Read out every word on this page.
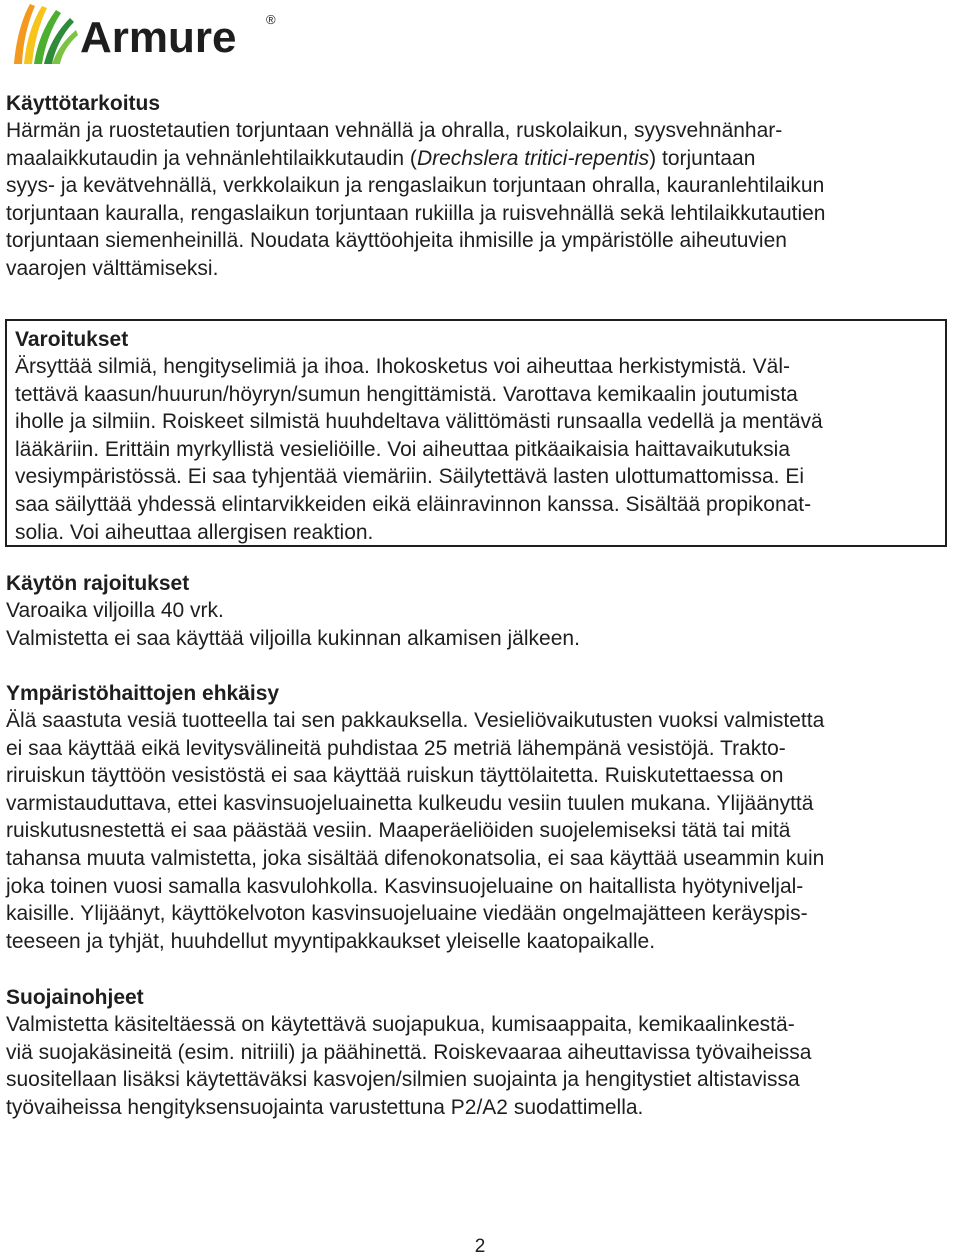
Armure ®

Käyttötarkoitus

Härmän ja ruostetautien torjuntaan vehnällä ja ohralla, ruskolaikun, syysvehnänhar-
maalaikkutaudin ja vehnänlehtilaikkutaudin (Drechslera tritici-repentis) torjuntaan
syys- ja kevätvehnällä, verkkolaikun ja rengaslaikun torjuntaan ohralla, kauranlehtilaikun
torjuntaan kauralla, rengaslaikun torjuntaan rukiilla ja ruisvehnällä sekä lehtilaikkutautien
torjuntaan siemenheinillä. Noudata käyttöohjeita ihmisille ja ympäristölle aiheutuvien
vaarojen välttämiseksi.

Varoitukset

Ärsyttää silmiä, hengityselimiä ja ihoa. Ihokosketus voi aiheuttaa herkistymistä. Väl-
tettävä kaasun/huurun/höyryn/sumun hengittämistä. Varottava kemikaalin joutumista
iholle ja silmiin. Roiskeet silmistä huuhdeltava välittömästi runsaalla vedellä ja mentävä
lääkäriin. Erittäin myrkyllistä vesieliöille. Voi aiheuttaa pitkäaikaisia haittavaikutuksia
vesiympäristössä. Ei saa tyhjentää viemäriin. Säilytettävä lasten ulottumattomissa. Ei
saa säilyttää yhdessä elintarvikkeiden eikä eläinravinnon kanssa. Sisältää propikonat-
solia. Voi aiheuttaa allergisen reaktion.

Käytön rajoitukset

Varoaika viljoilla 40 vrk.
Valmistetta ei saa käyttää viljoilla kukinnan alkamisen jälkeen.

Ympäristöhaittojen ehkäisy

Älä saastuta vesiä tuotteella tai sen pakkauksella. Vesieliövaikutusten vuoksi valmistetta
ei saa käyttää eikä levitysvälineitä puhdistaa 25 metriä lähempänä vesistöjä. Trakto-
riruiskun täyttöön vesistöstä ei saa käyttää ruiskun täyttölaitetta. Ruiskutettaessa on
varmistauduttava, ettei kasvinsuojeluainetta kulkeudu vesiin tuulen mukana. Ylijäänyttä
ruiskutusnestettä ei saa päästää vesiin. Maaperäeliöiden suojelemiseksi tätä tai mitä
tahansa muuta valmistetta, joka sisältää difenokonatsolia, ei saa käyttää useammin kuin
joka toinen vuosi samalla kasvulohkolla. Kasvinsuojeluaine on haitallista hyötyniveljal-
kaisille. Ylijäänyt, käyttökelvoton kasvinsuojeluaine viedään ongelmajätteen keräyspis-
teeseen ja tyhjät, huuhdellut myyntipakkaukset yleiselle kaatopaikalle.

Suojainohjeet

Valmistetta käsiteltäessä on käytettävä suojapukua, kumisaappaita, kemikaalinkestä-
viä suojakäsineitä (esim. nitriili) ja päähinettä. Roiskevaaraa aiheuttavissa työvaiheissa
suositellaan lisäksi käytettäväksi kasvojen/silmien suojainta ja hengitystiet altistavissa
työvaiheissa hengityksensuojainta varustettuna P2/A2 suodattimella.

2
